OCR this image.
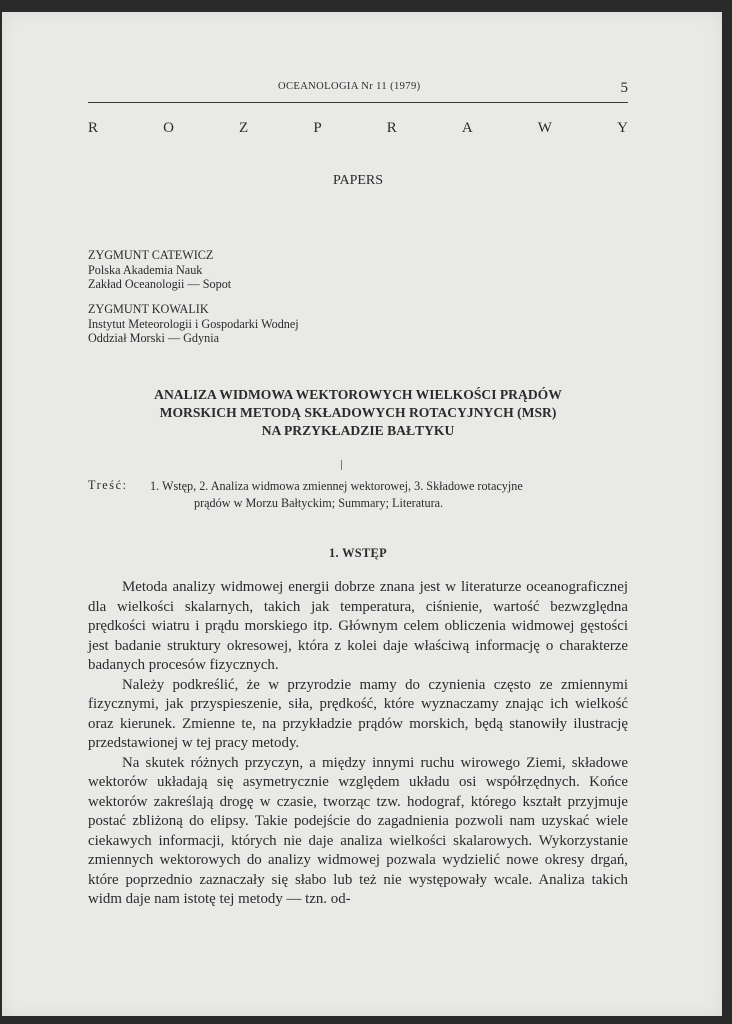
OCEANOLOGIA Nr 11 (1979)	5
R	O	Z	P	R	A	W	Y
PAPERS
ZYGMUNT CATEWICZ
Polska Akademia Nauk
Zakład Oceanologii — Sopot
ZYGMUNT KOWALIK
Instytut Meteorologii i Gospodarki Wodnej
Oddział Morski — Gdynia
ANALIZA WIDMOWA WEKTOROWYCH WIELKOŚCI PRĄDÓW
MORSKICH METODĄ SKŁADOWYCH ROTACYJNYCH (MSR)
NA PRZYKŁADZIE BAŁTYKU
Treść: 1. Wstęp, 2. Analiza widmowa zmiennej wektorowej, 3. Składowe rotacyjne
prądów w Morzu Bałtyckim; Summary; Literatura.
1. WSTĘP

Metoda analizy widmowej energii dobrze znana jest w literaturze oceanograficznej dla wielkości skalarnych, takich jak temperatura, ciśnienie, wartość bezwzględna prędkości wiatru i prądu morskiego itp. Głównym celem obliczenia widmowej gęstości jest badanie struktury okresowej, która z kolei daje właściwą informację o charakterze badanych procesów fizycznych.

Należy podkreślić, że w przyrodzie mamy do czynienia często ze zmiennymi fizycznymi, jak przyspieszenie, siła, prędkość, które wyznaczamy znając ich wielkość oraz kierunek. Zmienne te, na przykładzie prądów morskich, będą stanowiły ilustrację przedstawionej w tej pracy metody.

Na skutek różnych przyczyn, a między innymi ruchu wirowego Ziemi, składowe wektorów układają się asymetrycznie względem układu osi współrzędnych. Końce wektorów zakreślają drogę w czasie, tworząc tzw. hodograf, którego kształt przyjmuje postać zbliżoną do elipsy. Takie podejście do zagadnienia pozwoli nam uzyskać wiele ciekawych informacji, których nie daje analiza wielkości skalarowych. Wykorzystanie zmiennych wektorowych do analizy widmowej pozwala wydzielić nowe okresy drgań, które poprzednio zaznaczały się słabo lub też nie występowały wcale. Analiza takich widm daje nam istotę tej metody — tzn. od-
